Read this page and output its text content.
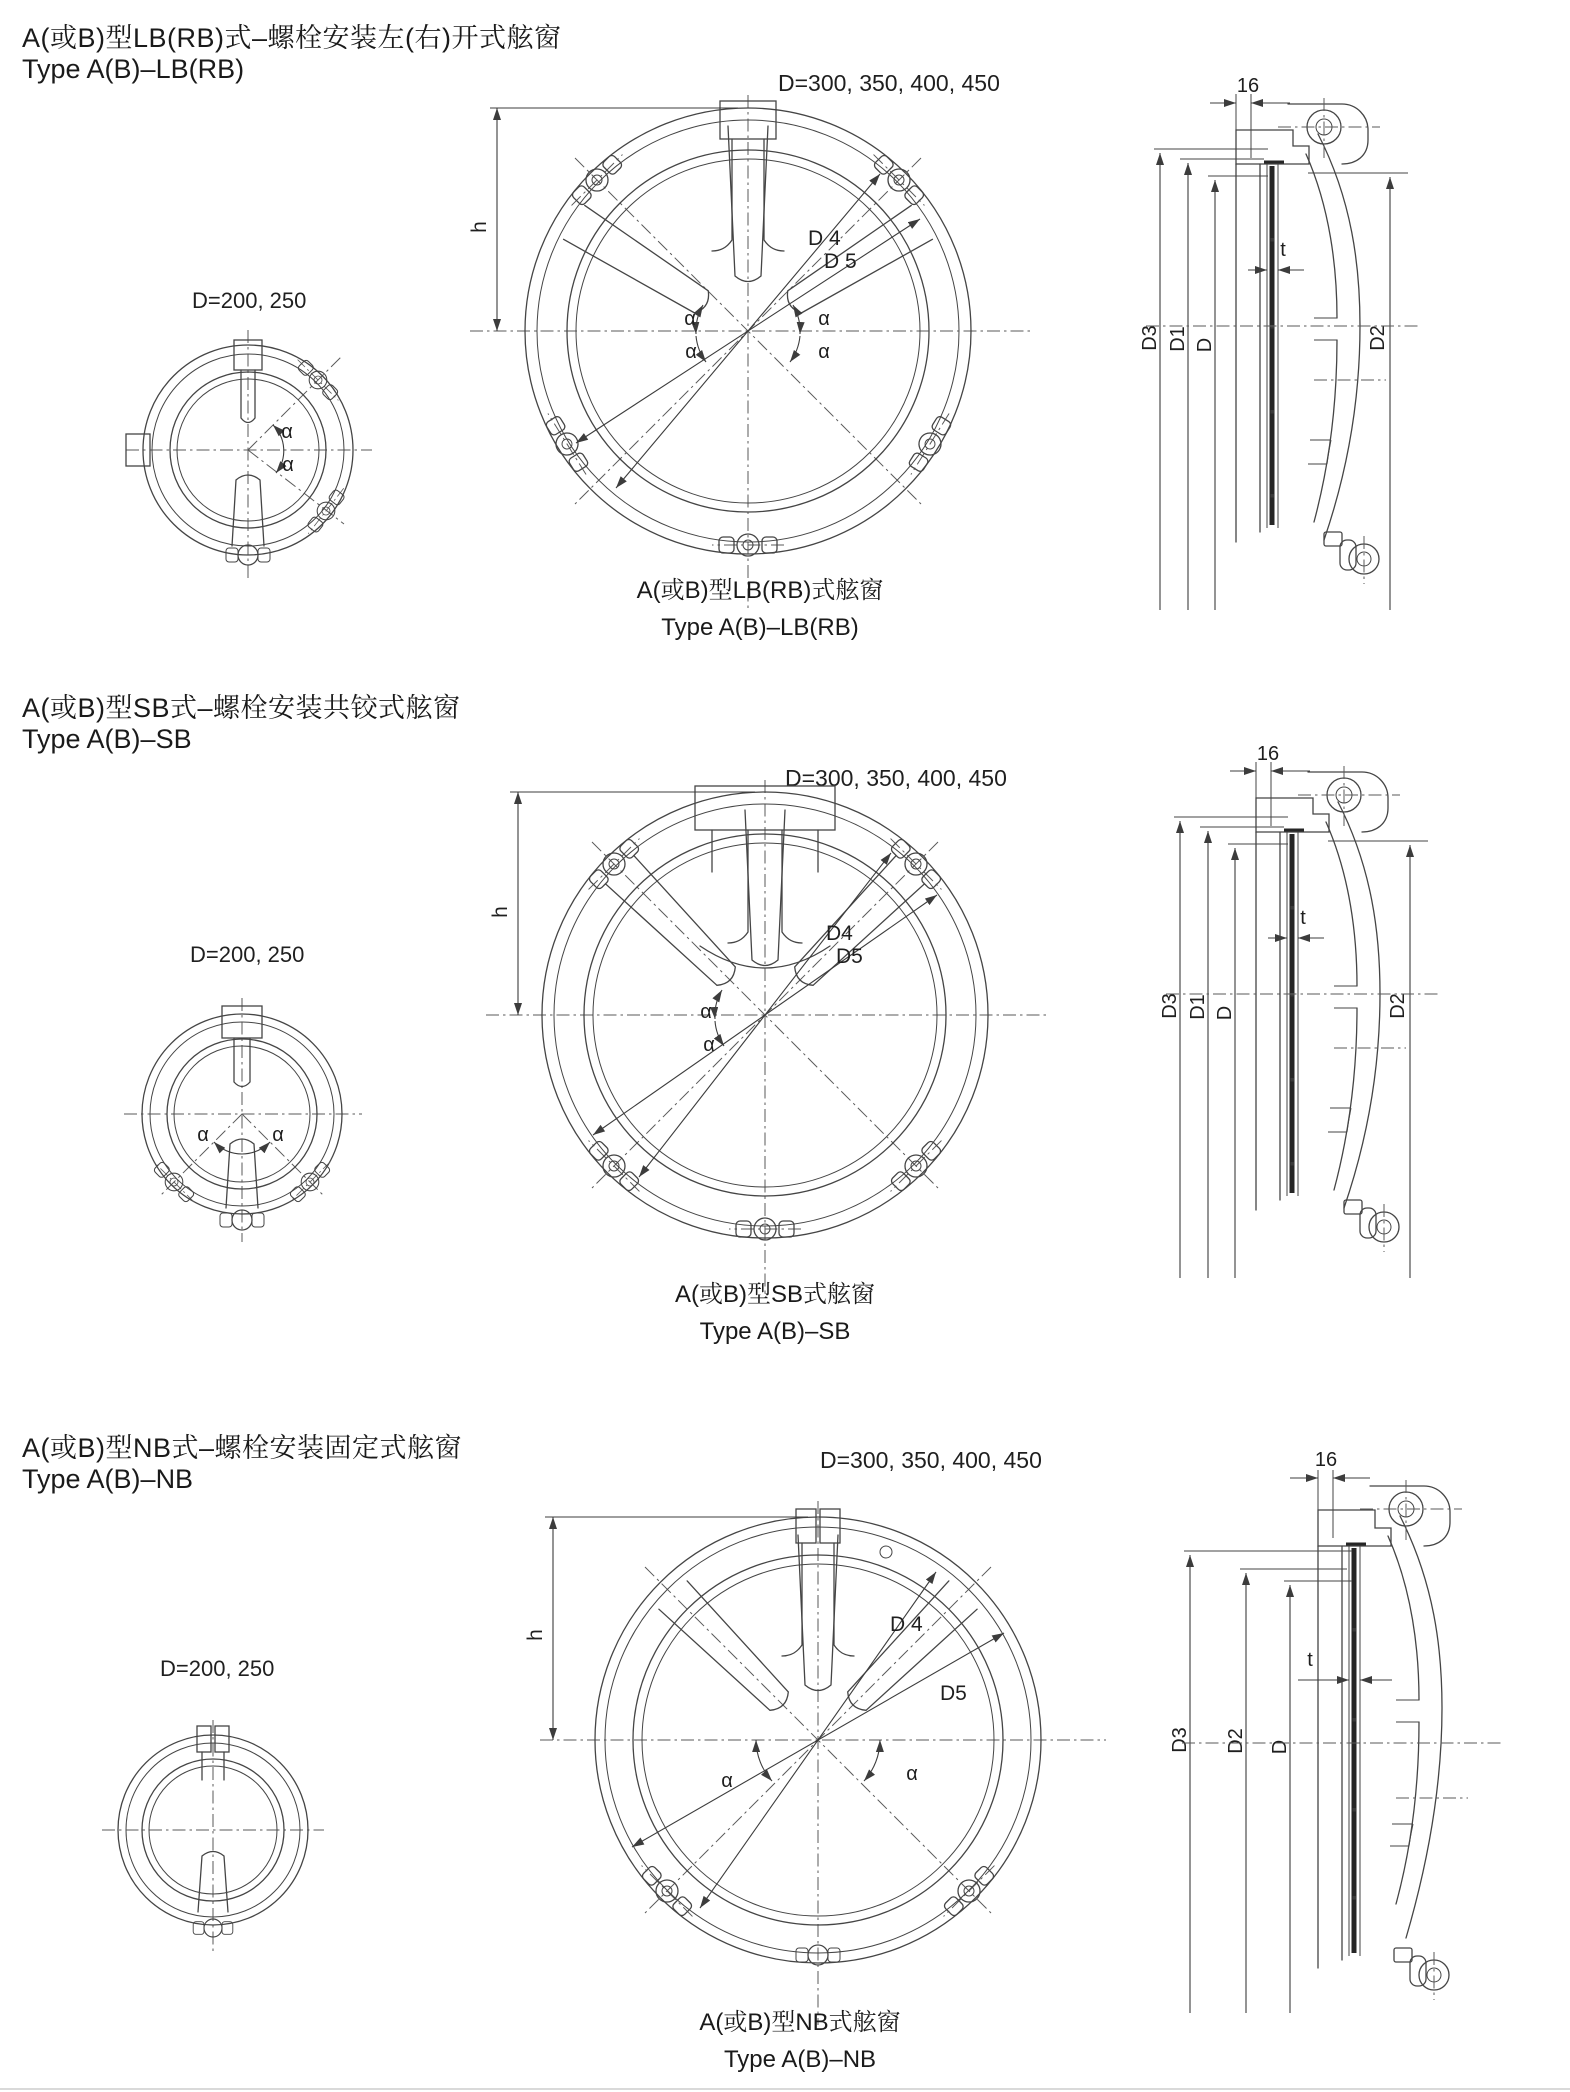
A(或B)型LB(RB)式–螺栓安装左(右)开式舷窗
Type A(B)–LB(RB)
D=200, 250
α
α
D=300, 350, 400, 450
D 4
D 5
α
α
α
α
h
16
D3 D1 D	D2
t
A(或B)型LB(RB)式舷窗
Type A(B)–LB(RB)
A(或B)型SB式–螺栓安装共铰式舷窗
Type A(B)–SB
D=200, 250
α	α
D=300, 350, 400, 450
D4
D5
α
α
h
16
D3 D1 D	D2
t
A(或B)型SB式舷窗
Type A(B)–SB
A(或B)型NB式–螺栓安装固定式舷窗
Type A(B)–NB
D=200, 250
D=300, 350, 400, 450
D 4
D5
α	α
h
16
D3 D2 D
t
A(或B)型NB式舷窗
Type A(B)–NB
